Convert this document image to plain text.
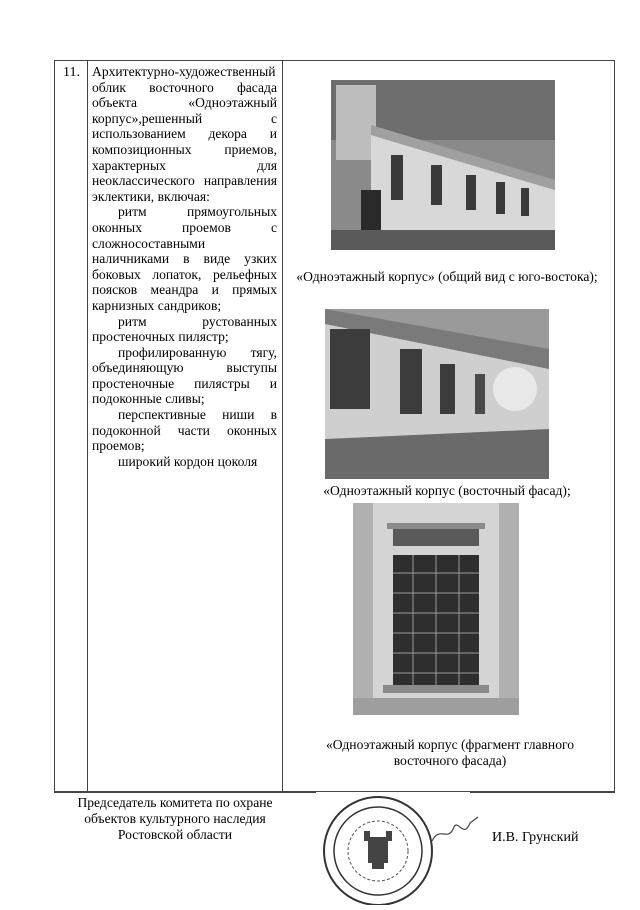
11. Архитектурно-художественный облик восточного фасада объекта «Одноэтажный корпус»,решенный с использованием декора и композиционных приемов, характерных для неоклассического направления эклектики, включая:

ритм прямоугольных оконных проемов с сложносоставными наличниками в виде узких боковых лопаток, рельефных поясков меандра и прямых карнизных сандриков;

ритм рустованных простеночных пилястр;

профилированную тягу, объединяющую выступы простеночные пилястры и подоконные сливы;

перспективные ниши в подоконной части оконных проемов;

широкий кордон цоколя

«Одноэтажный корпус» (общий вид с юго-востока);
«Одноэтажный корпус (восточный фасад);
«Одноэтажный корпус (фрагмент главного восточного фасада)
Председатель комитета по охране объектов культурного наследия Ростовской области	И.В. Грунский
